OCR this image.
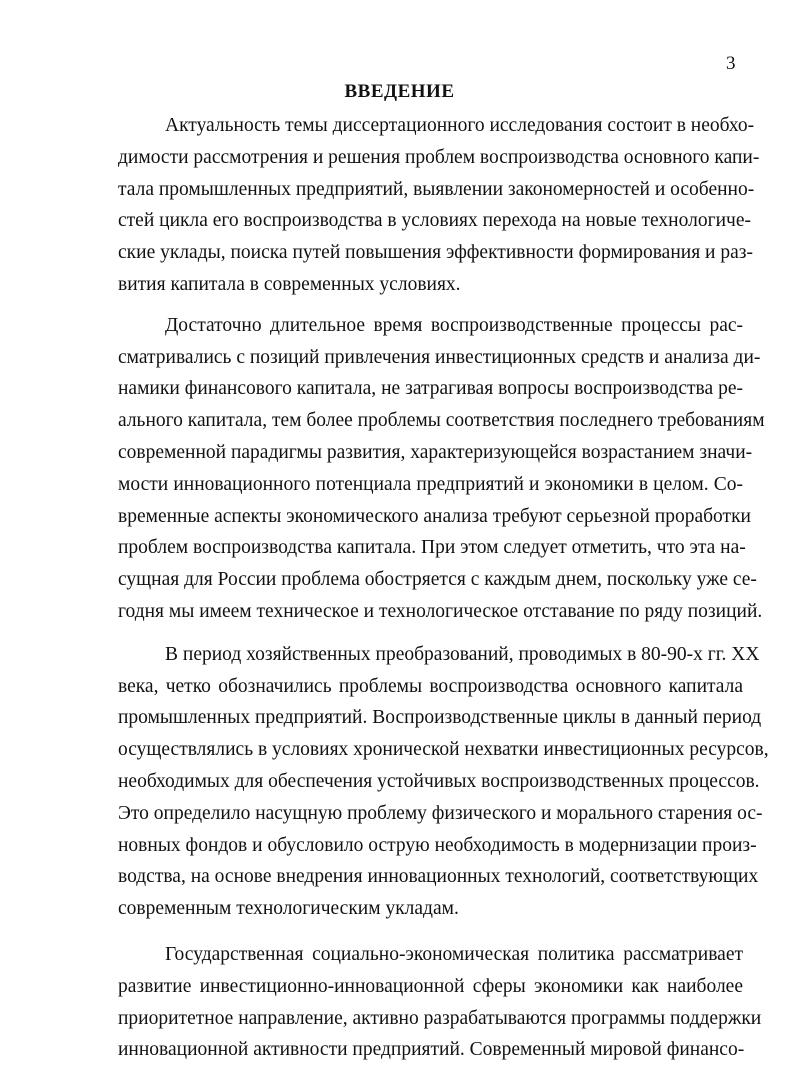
3
ВВЕДЕНИЕ

Актуальность темы диссертационного исследования состоит в необхо-
димости рассмотрения и решения проблем воспроизводства основного капи-
тала промышленных предприятий, выявлении закономерностей и особенно-
стей цикла его воспроизводства в условиях перехода на новые технологиче-
ские уклады, поиска путей повышения эффективности формирования и раз-
вития капитала в современных условиях.

Достаточно длительное время воспроизводственные процессы рас-
сматривались с позиций привлечения инвестиционных средств и анализа ди-
намики финансового капитала, не затрагивая вопросы воспроизводства ре-
ального капитала, тем более проблемы соответствия последнего требованиям
современной парадигмы развития, характеризующейся возрастанием значи-
мости инновационного потенциала предприятий и экономики в целом. Со-
временные аспекты экономического анализа требуют серьезной проработки
проблем воспроизводства капитала. При этом следует отметить, что эта на-
сущная для России проблема обостряется с каждым днем, поскольку уже се-
годня мы имеем техническое и технологическое отставание по ряду позиций.

В период хозяйственных преобразований, проводимых в 80-90-х гг. XX
века, четко обозначились проблемы воспроизводства основного капитала
промышленных предприятий. Воспроизводственные циклы в данный период
осуществлялись в условиях хронической нехватки инвестиционных ресурсов,
необходимых для обеспечения устойчивых воспроизводственных процессов.
Это определило насущную проблему физического и морального старения ос-
новных фондов и обусловило острую необходимость в модернизации произ-
водства, на основе внедрения инновационных технологий, соответствующих
современным технологическим укладам.

Государственная социально-экономическая политика рассматривает
развитие инвестиционно-инновационной сферы экономики как наиболее
приоритетное направление, активно разрабатываются программы поддержки
инновационной активности предприятий. Современный мировой финансо-
